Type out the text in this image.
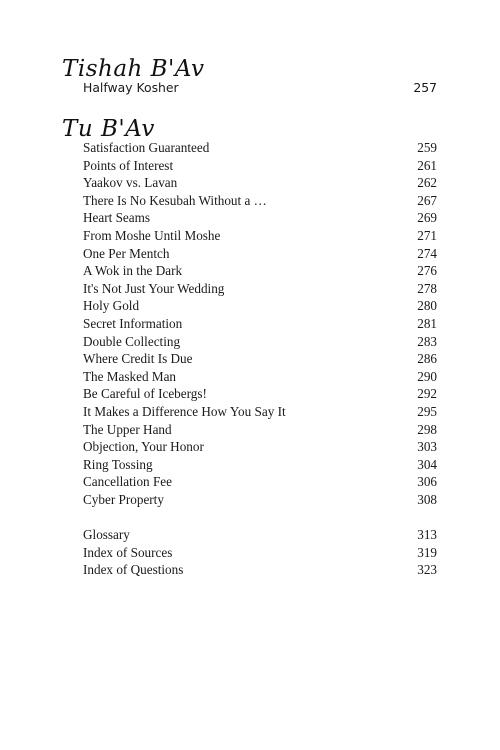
Tishah B'Av
Halfway Kosher	257
Tu B'Av
Satisfaction Guaranteed	259
Points of Interest	261
Yaakov vs. Lavan	262
There Is No Kesubah Without a …	267
Heart Seams	269
From Moshe Until Moshe	271
One Per Mentch	274
A Wok in the Dark	276
It's Not Just Your Wedding	278
Holy Gold	280
Secret Information	281
Double Collecting	283
Where Credit Is Due	286
The Masked Man	290
Be Careful of Icebergs!	292
It Makes a Difference How You Say It	295
The Upper Hand	298
Objection, Your Honor	303
Ring Tossing	304
Cancellation Fee	306
Cyber Property	308
Glossary	313
Index of Sources	319
Index of Questions	323
